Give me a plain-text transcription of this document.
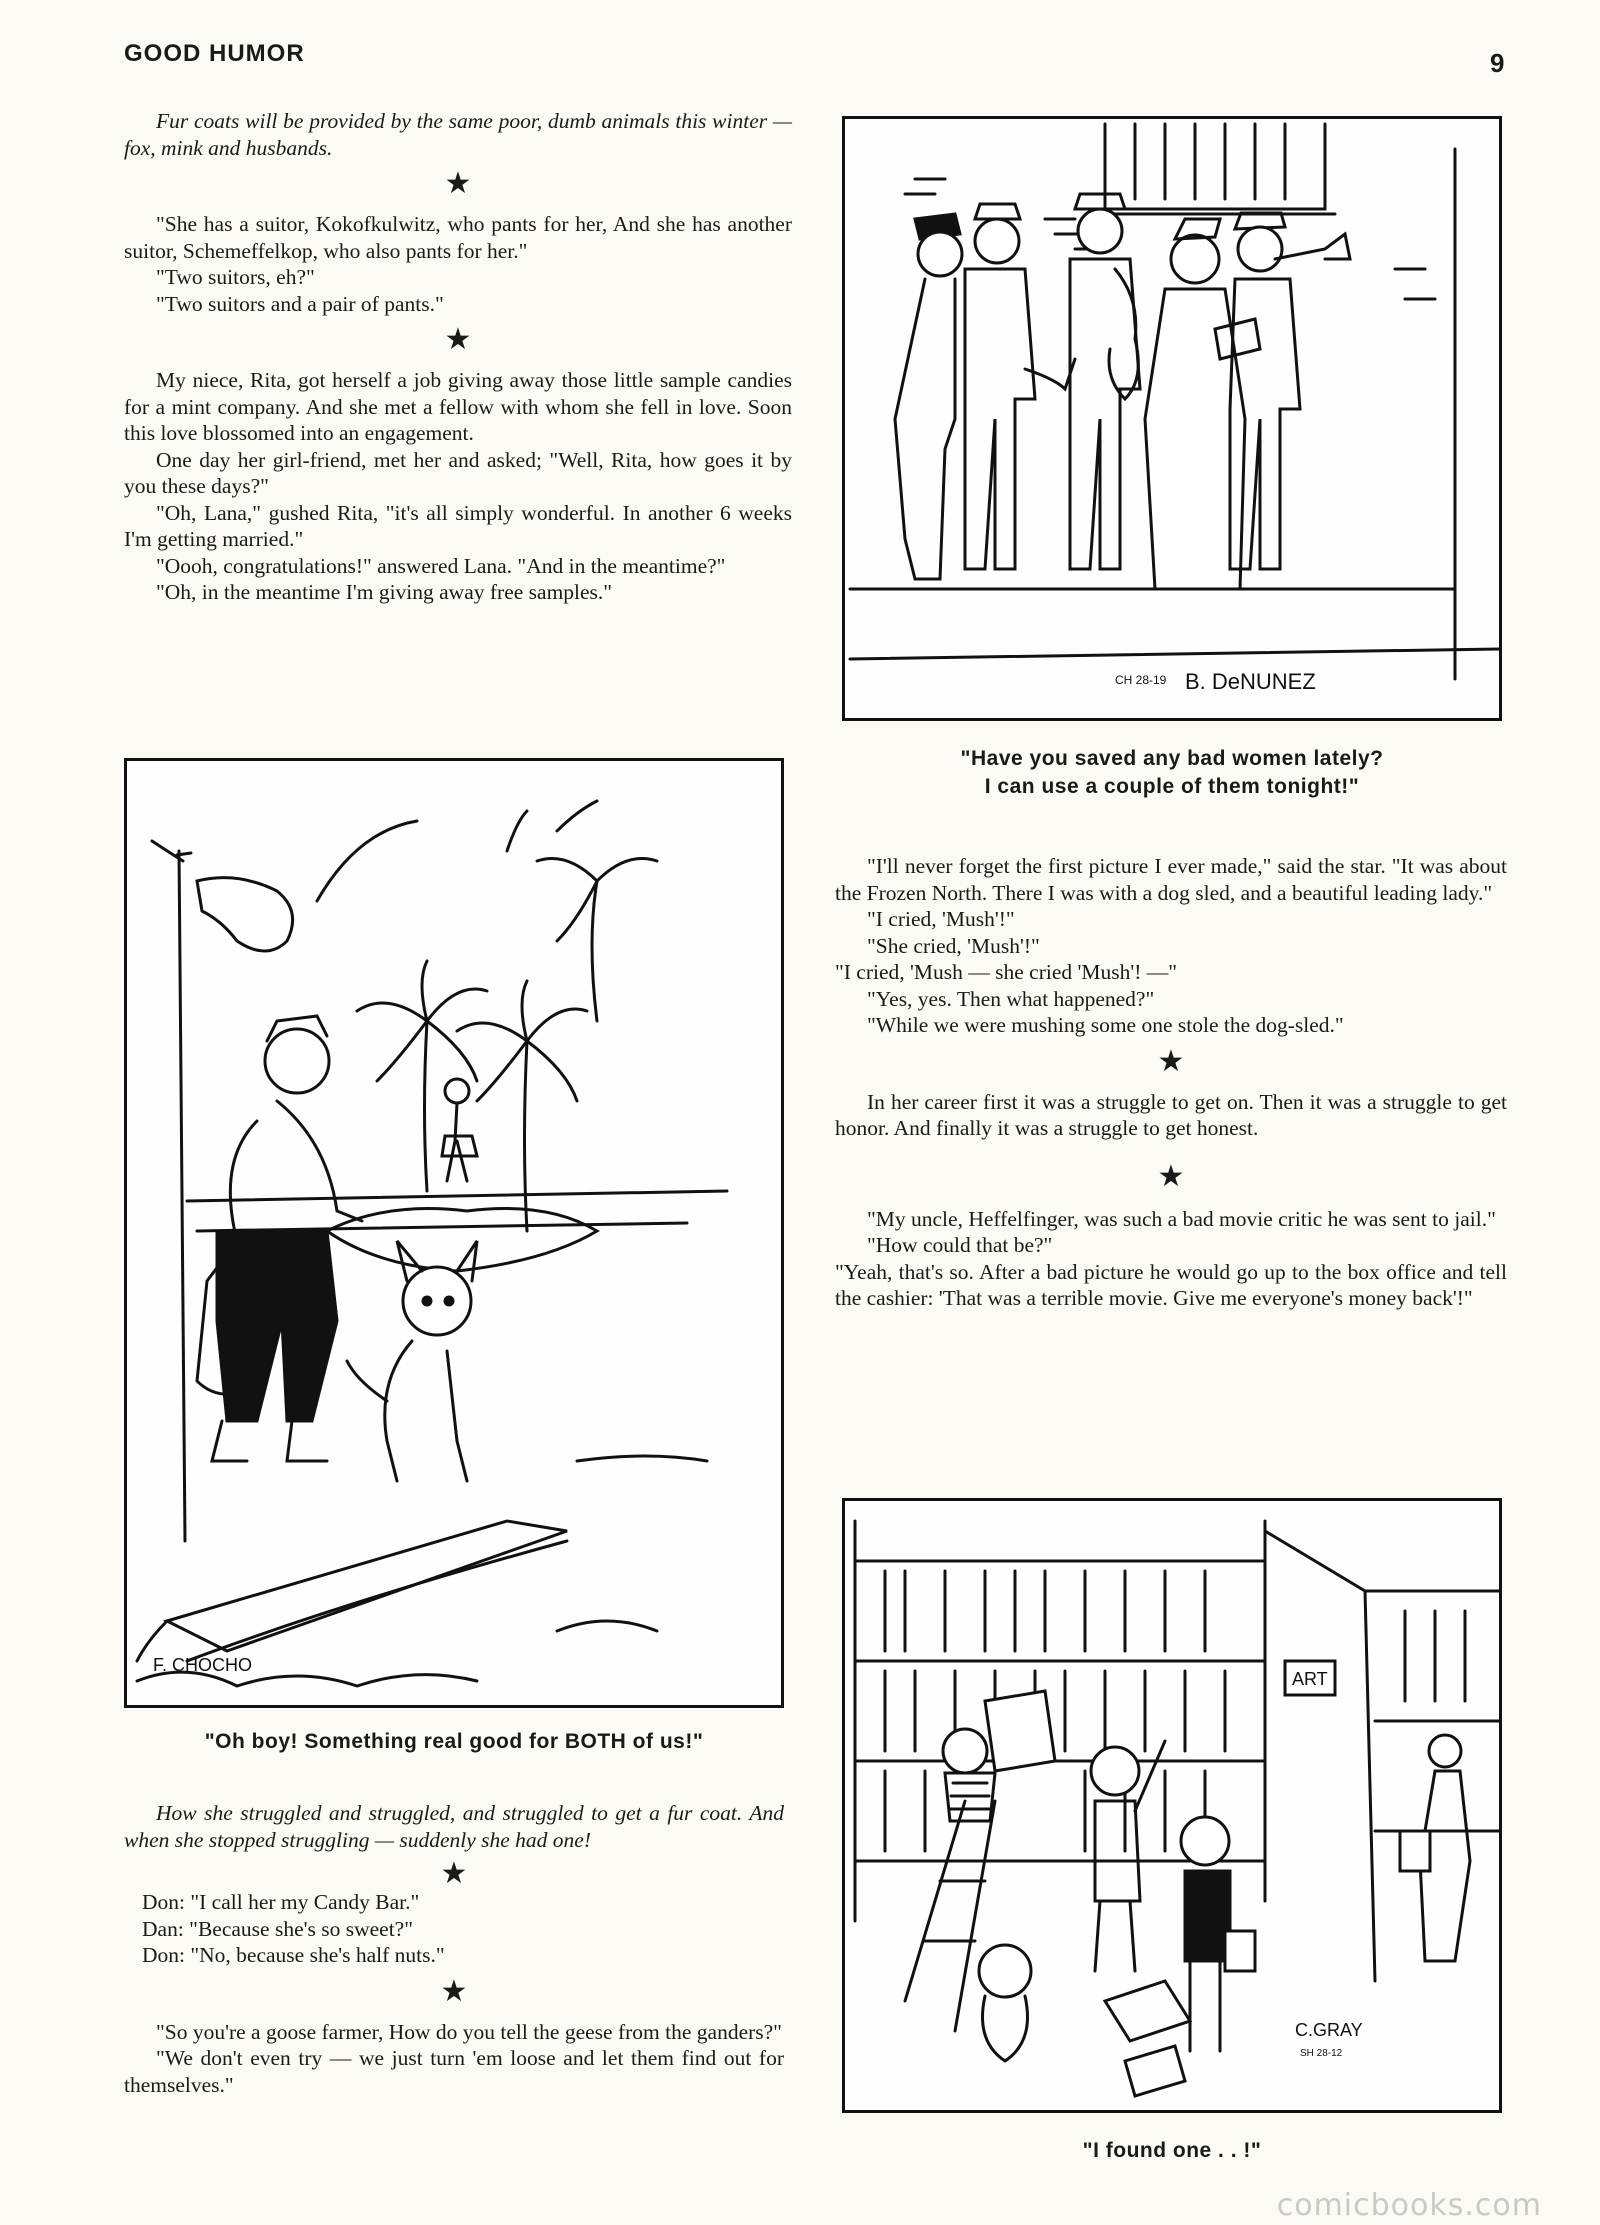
GOOD HUMOR	9

Fur coats will be provided by the same poor, dumb animals this winter — fox, mink and husbands.

★

"She has a suitor, Kokofkulwitz, who pants for her, And she has another suitor, Schemeffelkop, who also pants for her."

"Two suitors, eh?"

"Two suitors and a pair of pants."

★

My niece, Rita, got herself a job giving away those little sample candies for a mint company. And she met a fellow with whom she fell in love. Soon this love blossomed into an engagement.

One day her girl-friend, met her and asked; "Well, Rita, how goes it by you these days?"

"Oh, Lana," gushed Rita, "it's all simply wonderful. In another 6 weeks I'm getting married."

"Oooh, congratulations!" answered Lana. "And in the meantime?"

"Oh, in the meantime I'm giving away free samples."

F. CHOCHO
"Oh boy! Something real good for BOTH of us!"

How she struggled and struggled, and struggled to get a fur coat. And when she stopped struggling — suddenly she had one!

★

Don: "I call her my Candy Bar."

Dan: "Because she's so sweet?"

Don: "No, because she's half nuts."

★

"So you're a goose farmer, How do you tell the geese from the ganders?"

"We don't even try — we just turn 'em loose and let them find out for themselves."

CH 28-19 B. DeNUNEZ
"Have you saved any bad women lately?
I can use a couple of them tonight!"

"I'll never forget the first picture I ever made," said the star. "It was about the Frozen North. There I was with a dog sled, and a beautiful leading lady."

"I cried, 'Mush'!"

"She cried, 'Mush'!"

"I cried, 'Mush — she cried 'Mush'! —"

"Yes, yes. Then what happened?"

"While we were mushing some one stole the dog-sled."

★

In her career first it was a struggle to get on. Then it was a struggle to get honor. And finally it was a struggle to get honest.

★

"My uncle, Heffelfinger, was such a bad movie critic he was sent to jail."

"How could that be?"

"Yeah, that's so. After a bad picture he would go up to the box office and tell the cashier: 'That was a terrible movie. Give me everyone's money back'!"

ART
C.GRAY
SH 28-12
"I found one . . !"
comicbooks.com
